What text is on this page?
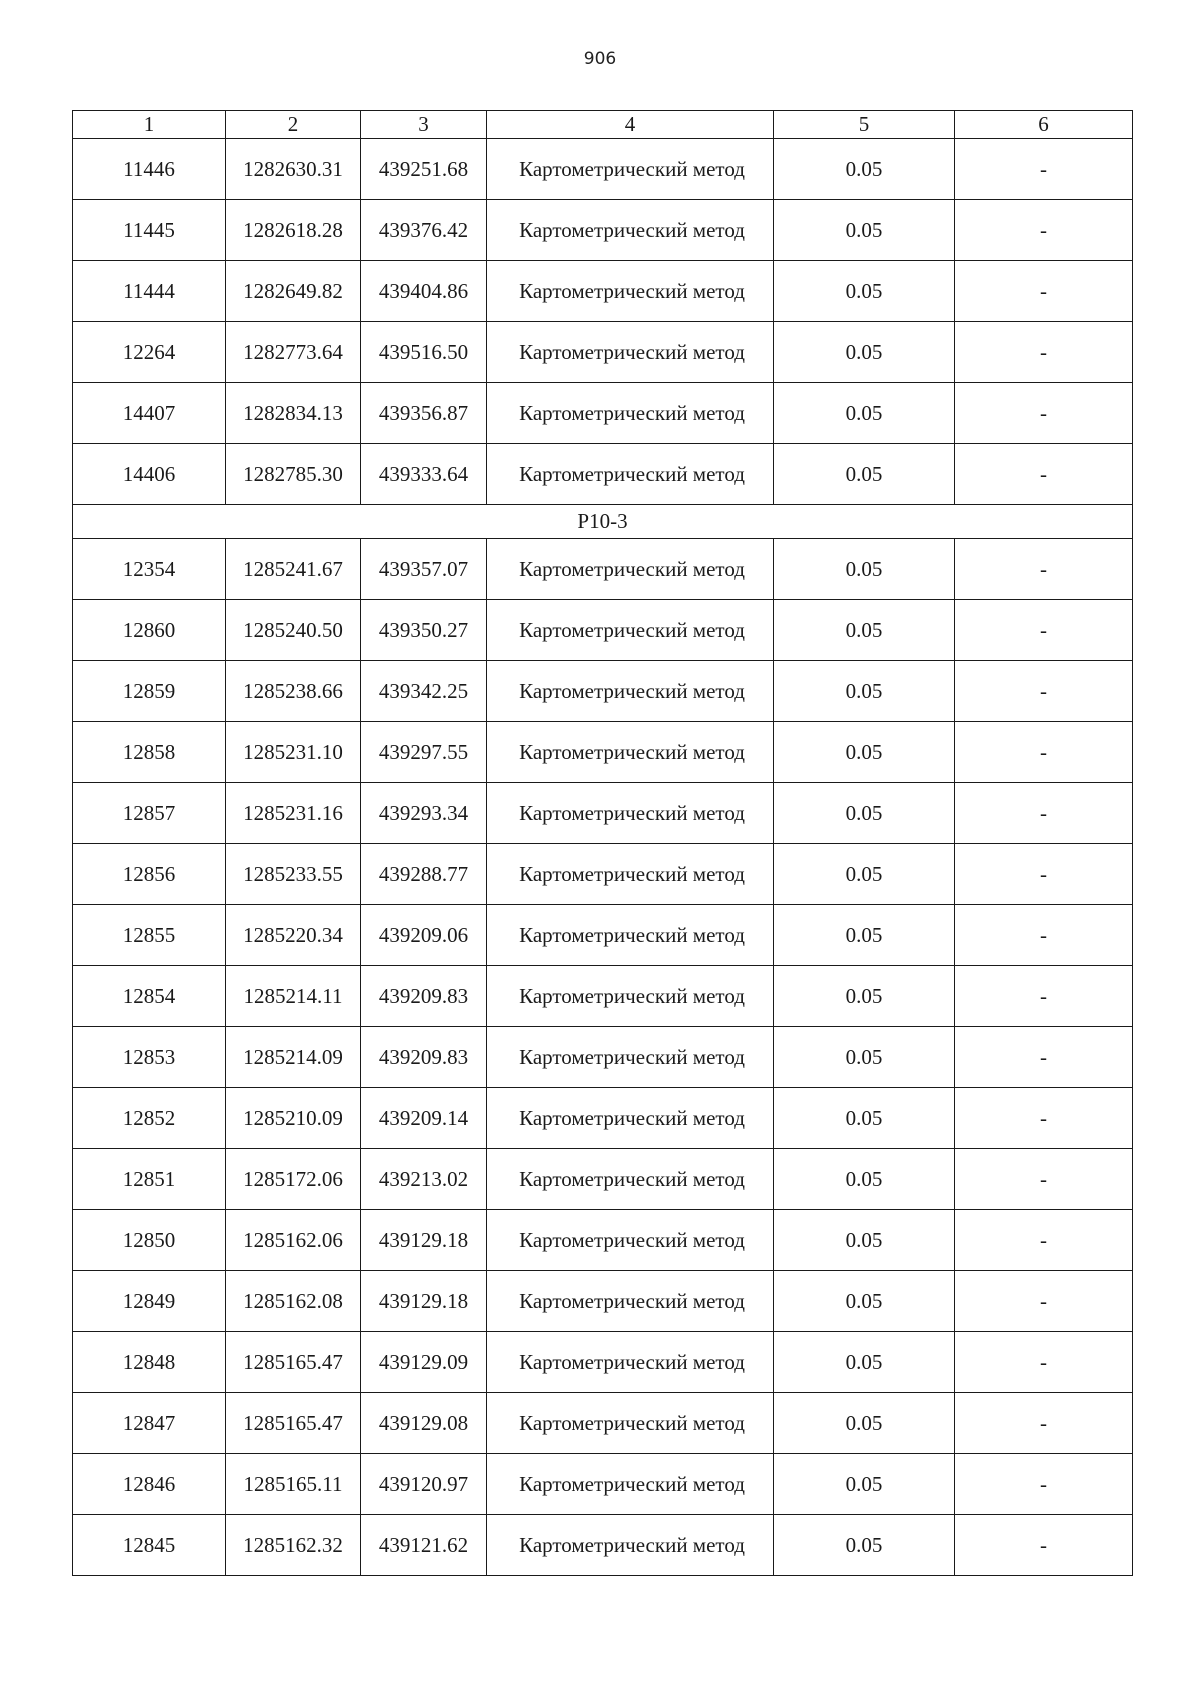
906
1	2	3	4	5	6
11446	1282630.31	439251.68	Картометрический метод	0.05	-
11445	1282618.28	439376.42	Картометрический метод	0.05	-
11444	1282649.82	439404.86	Картометрический метод	0.05	-
12264	1282773.64	439516.50	Картометрический метод	0.05	-
14407	1282834.13	439356.87	Картометрический метод	0.05	-
14406	1282785.30	439333.64	Картометрический метод	0.05	-
Р10-3					
12354	1285241.67	439357.07	Картометрический метод	0.05	-
12860	1285240.50	439350.27	Картометрический метод	0.05	-
12859	1285238.66	439342.25	Картометрический метод	0.05	-
12858	1285231.10	439297.55	Картометрический метод	0.05	-
12857	1285231.16	439293.34	Картометрический метод	0.05	-
12856	1285233.55	439288.77	Картометрический метод	0.05	-
12855	1285220.34	439209.06	Картометрический метод	0.05	-
12854	1285214.11	439209.83	Картометрический метод	0.05	-
12853	1285214.09	439209.83	Картометрический метод	0.05	-
12852	1285210.09	439209.14	Картометрический метод	0.05	-
12851	1285172.06	439213.02	Картометрический метод	0.05	-
12850	1285162.06	439129.18	Картометрический метод	0.05	-
12849	1285162.08	439129.18	Картометрический метод	0.05	-
12848	1285165.47	439129.09	Картометрический метод	0.05	-
12847	1285165.47	439129.08	Картометрический метод	0.05	-
12846	1285165.11	439120.97	Картометрический метод	0.05	-
12845	1285162.32	439121.62	Картометрический метод	0.05	-
